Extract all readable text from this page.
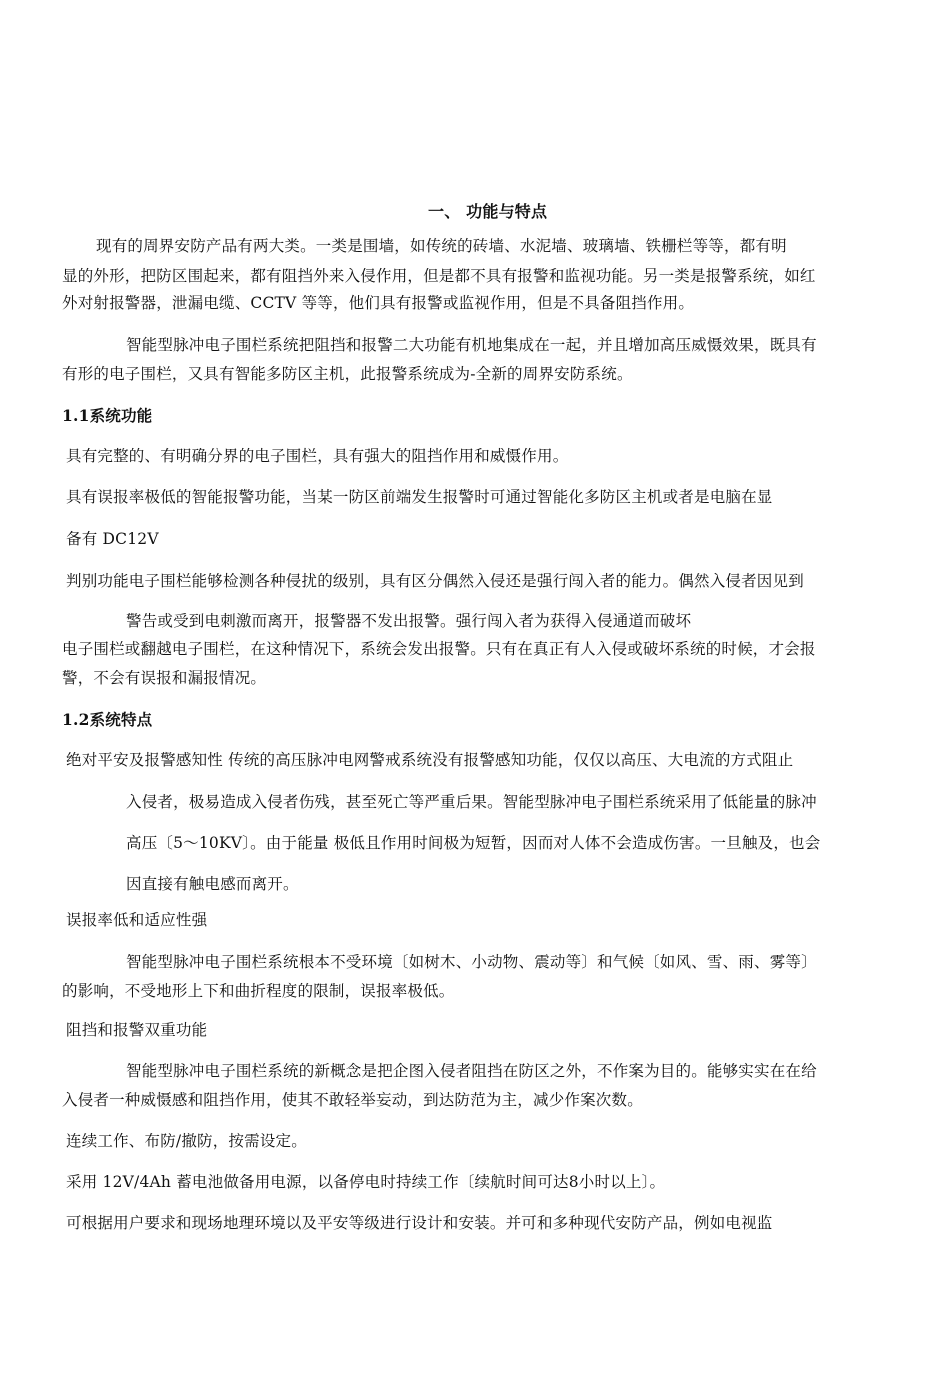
一、 功能与特点
现有的周界安防产品有两大类。一类是围墙，如传统的砖墙、水泥墙、玻璃墙、铁栅栏等等，都有明
显的外形，把防区围起来，都有阻挡外来入侵作用，但是都不具有报警和监视功能。另一类是报警系统，如红
外对射报警器，泄漏电缆、CCTV 等等，他们具有报警或监视作用，但是不具备阻挡作用。
智能型脉冲电子围栏系统把阻挡和报警二大功能有机地集成在一起，并且增加高压威慑效果，既具有
有形的电子围栏，又具有智能多防区主机，此报警系统成为-全新的周界安防系统。
1.1系统功能
具有完整的、有明确分界的电子围栏，具有强大的阻挡作用和威慑作用。
具有误报率极低的智能报警功能，当某一防区前端发生报警时可通过智能化多防区主机或者是电脑在显
备有 DC12V
判别功能电子围栏能够检测各种侵扰的级别，具有区分偶然入侵还是强行闯入者的能力。偶然入侵者因见到
警告或受到电刺激而离开，报警器不发出报警。强行闯入者为获得入侵通道而破坏
电子围栏或翻越电子围栏，在这种情况下，系统会发出报警。只有在真正有人入侵或破坏系统的时候，才会报
警，不会有误报和漏报情况。
1.2系统特点
绝对平安及报警感知性 传统的高压脉冲电网警戒系统没有报警感知功能，仅仅以高压、大电流的方式阻止
入侵者，极易造成入侵者伤残，甚至死亡等严重后果。智能型脉冲电子围栏系统采用了低能量的脉冲
高压〔5～10KV〕。由于能量 极低且作用时间极为短暂，因而对人体不会造成伤害。一旦触及，也会
因直接有触电感而离开。
误报率低和适应性强
智能型脉冲电子围栏系统根本不受环境〔如树木、小动物、震动等〕和气候〔如风、雪、雨、雾等〕
的影响，不受地形上下和曲折程度的限制，误报率极低。
阻挡和报警双重功能
智能型脉冲电子围栏系统的新概念是把企图入侵者阻挡在防区之外，不作案为目的。能够实实在在给
入侵者一种威慑感和阻挡作用，使其不敢轻举妄动，到达防范为主，减少作案次数。
连续工作、布防/撤防，按需设定。
采用 12V/4Ah 蓄电池做备用电源，以备停电时持续工作〔续航时间可达8小时以上〕。
可根据用户要求和现场地理环境以及平安等级进行设计和安装。并可和多种现代安防产品，例如电视监
